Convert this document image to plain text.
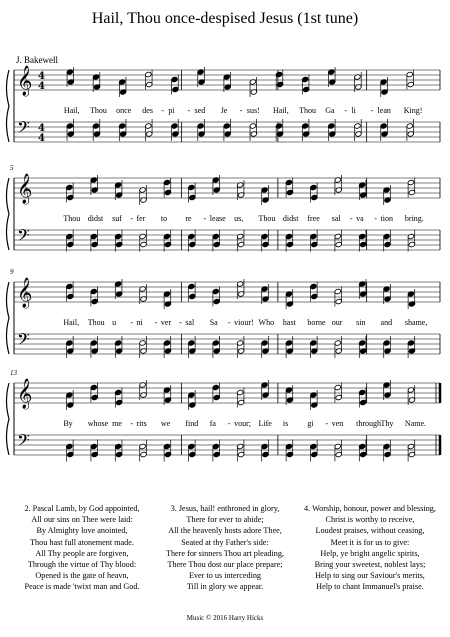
Hail, Thou once-despised Jesus (1st tune)
J. Bakewell
𝄞
𝄢
4
4
4
4
𝄞
𝄢
𝄞
𝄢
𝄞
𝄢
Hail, Thou once des - pi - sed Je - sus! Hail, Thou Ga - li - lean King!
5
Thou didst suf - fer to re - lease us, Thou didst free sal - va - tion bring.
9
Hail, Thou u - ni - ver - sal Sa - viour! Who hast borne our sin and shame,
13
By whose me - rits we find fa - vour; Life is gi - ven through Thy Name.
2. Pascal Lamb, by God appointed,
All our sins on Thee were laid:
By Almighty love anointed,
Thou hast full atonement made.
All Thy people are forgiven,
Through the virtue of Thy blood:
Opened is the gate of heavn,
Peace is made 'twixt man and God.
3. Jesus, hail! enthroned in glory,
There for ever to abide;
All the heavenly hosts adore Thee,
Seated at thy Father's side:
There for sinners Thou art pleading,
There Thou dost our place prepare;
Ever to us interceding
Till in glory we appear.
4. Worship, honour, power and blessing,
Christ is worthy to receive,
Loudest praises, without ceasing,
Meet it is for us to give:
Help, ye bright angelic spirits,
Bring your sweetest, noblest lays;
Help to sing our Saviour's merits,
Help to chant Immanuel's praise.
Music © 2016 Harry Hicks
